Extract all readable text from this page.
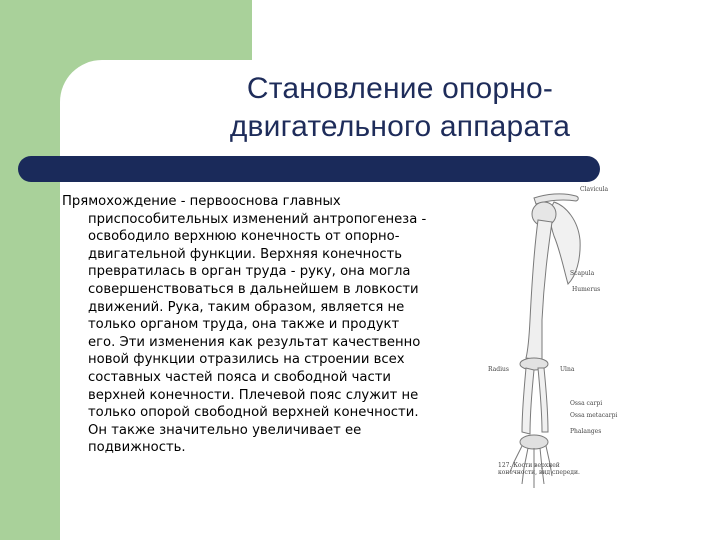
Становление опорно-
двигательного аппарата

Прямохождение - первооснова главных приспособительных изменений антропогенеза - освободило верхнюю конечность от опорно-двигательной функции. Верхняя конечность превратилась в орган труда - руку, она могла совершенствоваться в дальнейшем в ловкости движений. Рука, таким образом, является не только органом труда, она также и продукт его. Эти изменения как результат качественно новой функции отразились на строении всех составных частей пояса и свободной части верхней конечности. Плечевой пояс служит не только опорой свободной верхней конечности. Он также значительно увеличивает ее подвижность.

Clavicula
Scapula
Humerus
Radius	Ulna
Ossa carpi
Ossa metacarpi
Phalanges
127. Кости верхней конечности, вид спереди.
